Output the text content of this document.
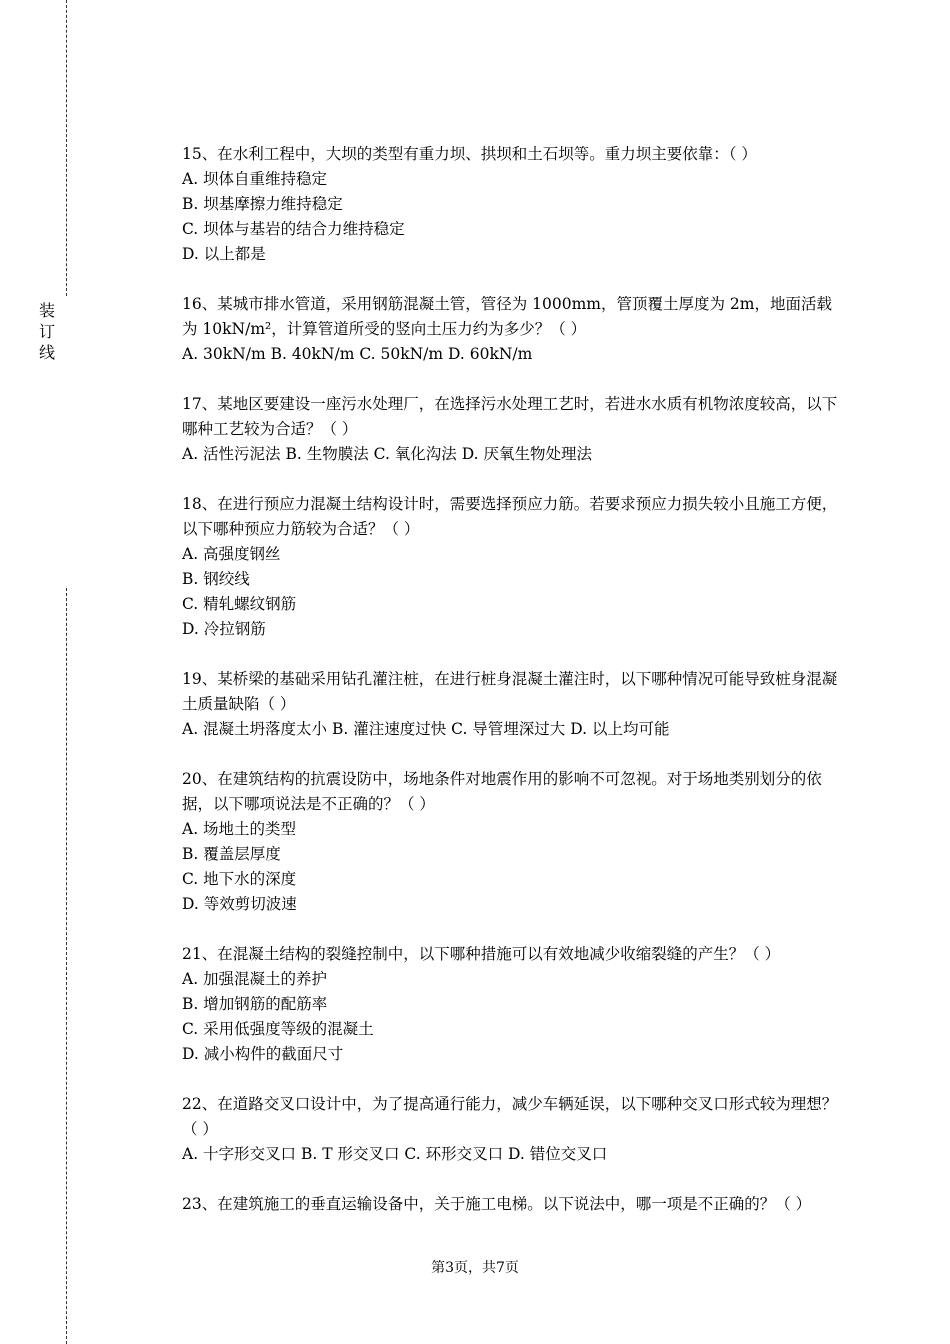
装
订
线

15、在水利工程中，大坝的类型有重力坝、拱坝和土石坝等。重力坝主要依靠：（ ）

A. 坝体自重维持稳定

B. 坝基摩擦力维持稳定

C. 坝体与基岩的结合力维持稳定

D. 以上都是

16、某城市排水管道，采用钢筋混凝土管，管径为 1000mm，管顶覆土厚度为 2m，地面活载为 10kN/m²，计算管道所受的竖向土压力约为多少？（ ）

A. 30kN/m B. 40kN/m C. 50kN/m D. 60kN/m

17、某地区要建设一座污水处理厂，在选择污水处理工艺时，若进水水质有机物浓度较高，以下哪种工艺较为合适？（ ）

A. 活性污泥法 B. 生物膜法 C. 氧化沟法 D. 厌氧生物处理法

18、在进行预应力混凝土结构设计时，需要选择预应力筋。若要求预应力损失较小且施工方便，以下哪种预应力筋较为合适？（ ）

A. 高强度钢丝

B. 钢绞线

C. 精轧螺纹钢筋

D. 冷拉钢筋

19、某桥梁的基础采用钻孔灌注桩，在进行桩身混凝土灌注时，以下哪种情况可能导致桩身混凝土质量缺陷（ ）

A. 混凝土坍落度太小 B. 灌注速度过快 C. 导管埋深过大 D. 以上均可能

20、在建筑结构的抗震设防中，场地条件对地震作用的影响不可忽视。对于场地类别划分的依据，以下哪项说法是不正确的？（ ）

A. 场地土的类型

B. 覆盖层厚度

C. 地下水的深度

D. 等效剪切波速

21、在混凝土结构的裂缝控制中，以下哪种措施可以有效地减少收缩裂缝的产生？（ ）

A. 加强混凝土的养护

B. 增加钢筋的配筋率

C. 采用低强度等级的混凝土

D. 减小构件的截面尺寸

22、在道路交叉口设计中，为了提高通行能力，减少车辆延误，以下哪种交叉口形式较为理想？（ ）

A. 十字形交叉口 B. T 形交叉口 C. 环形交叉口 D. 错位交叉口

23、在建筑施工的垂直运输设备中，关于施工电梯。以下说法中，哪一项是不正确的？（ ）

第3页，共7页
